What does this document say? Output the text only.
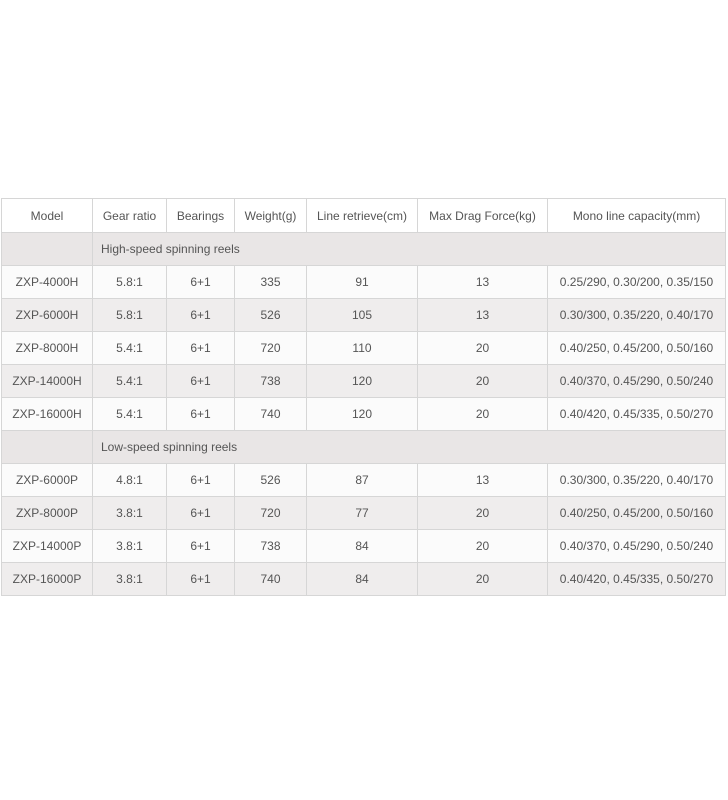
Model	Gear ratio	Bearings	Weight(g)	Line retrieve(cm)	Max Drag Force(kg)	Mono line capacity(mm)
	High-speed spinning reels					
ZXP-4000H	5.8:1	6+1	335	91	13	0.25/290, 0.30/200, 0.35/150
ZXP-6000H	5.8:1	6+1	526	105	13	0.30/300, 0.35/220, 0.40/170
ZXP-8000H	5.4:1	6+1	720	110	20	0.40/250, 0.45/200, 0.50/160
ZXP-14000H	5.4:1	6+1	738	120	20	0.40/370, 0.45/290, 0.50/240
ZXP-16000H	5.4:1	6+1	740	120	20	0.40/420, 0.45/335, 0.50/270
	Low-speed spinning reels					
ZXP-6000P	4.8:1	6+1	526	87	13	0.30/300, 0.35/220, 0.40/170
ZXP-8000P	3.8:1	6+1	720	77	20	0.40/250, 0.45/200, 0.50/160
ZXP-14000P	3.8:1	6+1	738	84	20	0.40/370, 0.45/290, 0.50/240
ZXP-16000P	3.8:1	6+1	740	84	20	0.40/420, 0.45/335, 0.50/270
